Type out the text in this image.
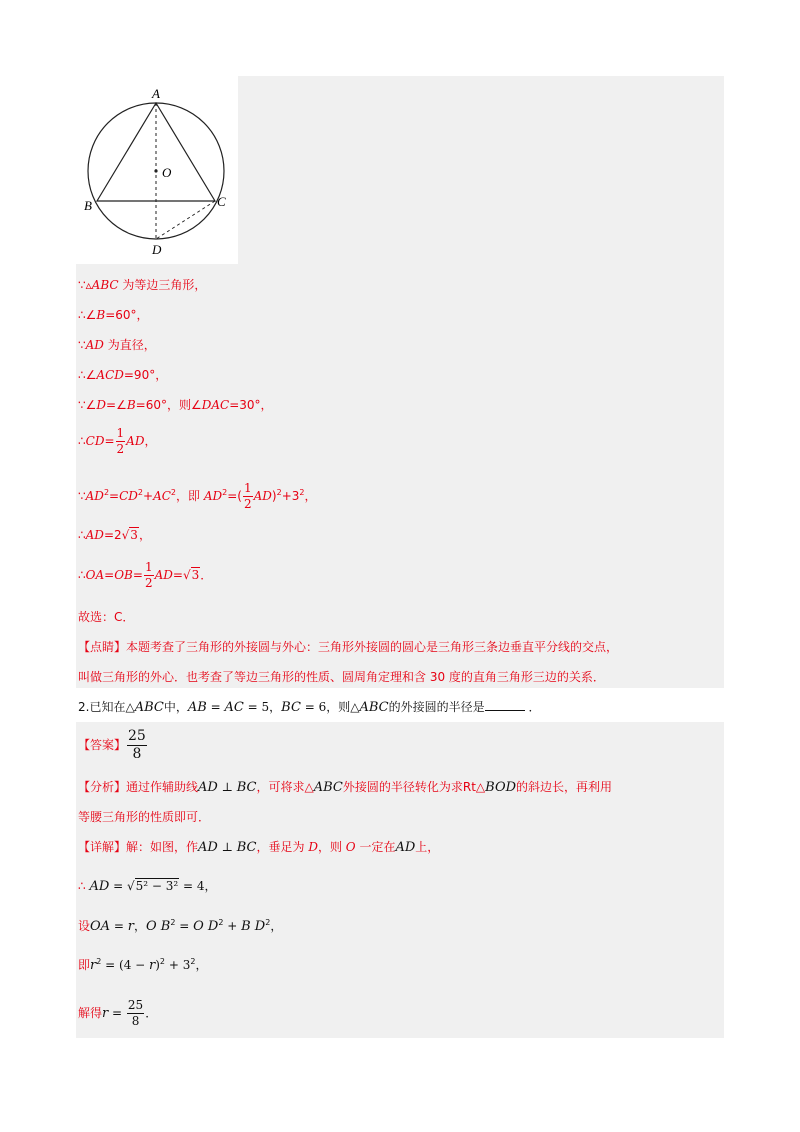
A
O
B	C
D
∵▵ABC 为等边三角形，
∴∠B=60°，
∵AD 为直径，
∴∠ACD=90°，
∵∠D=∠B=60°，则∠DAC=30°，
∴CD= $\frac{1}{2}$ AD，
$\because AD^2=CD^2+AC^2$，即 $AD^2=( \frac{1}{2} AD)^2+3^2$，
∴AD=2√3，
∴OA=OB= $\frac{1}{2} AD=√3$．
故选：C．
【点睛】本题考查了三角形的外接圆与外心：三角形外接圆的圆心是三角形三条边垂直平分线的交点，
叫做三角形的外心．也考查了等边三角形的性质、圆周角定理和含 30 度的直角三角形三边的关系．
2.已知在△ABC中，AB = AC = 5，BC = 6，则△ABC的外接圆的半径是	．
【答案】 $\frac{25}{8}$
【分析】通过作辅助线AD ⊥ BC，可将求△ABC外接圆的半径转化为求Rt△BOD的斜边长，再利用
等腰三角形的性质即可．
【详解】解：如图，作AD ⊥ BC，垂足为 D，则 O 一定在AD上，
∴ AD = √5² − 3² = 4，
设OA = r，O $B^2 = O$ $D^2 + B$ $D^2$，
即$r^2 = (4 - r)^2 + 3^2$，
解得$r = \frac{25}{8}$ ．
